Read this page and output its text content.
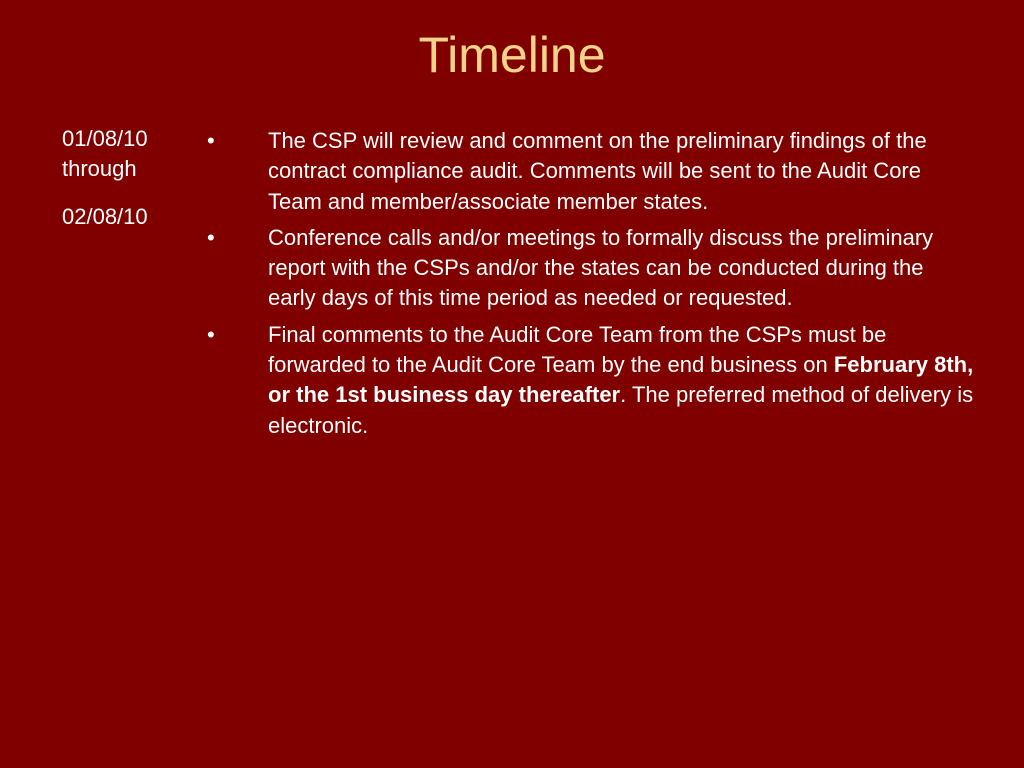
Timeline
01/08/10
through
02/08/10
•	The CSP will review and comment on the preliminary findings of the contract compliance audit. Comments will be sent to the Audit Core Team and member/associate member states.
•	Conference calls and/or meetings to formally discuss the preliminary report with the CSPs and/or the states can be conducted during the early days of this time period as needed or requested.
•	Final comments to the Audit Core Team from the CSPs must be forwarded to the Audit Core Team by the end business on February 8th, or the 1st business day thereafter. The preferred method of delivery is electronic.
